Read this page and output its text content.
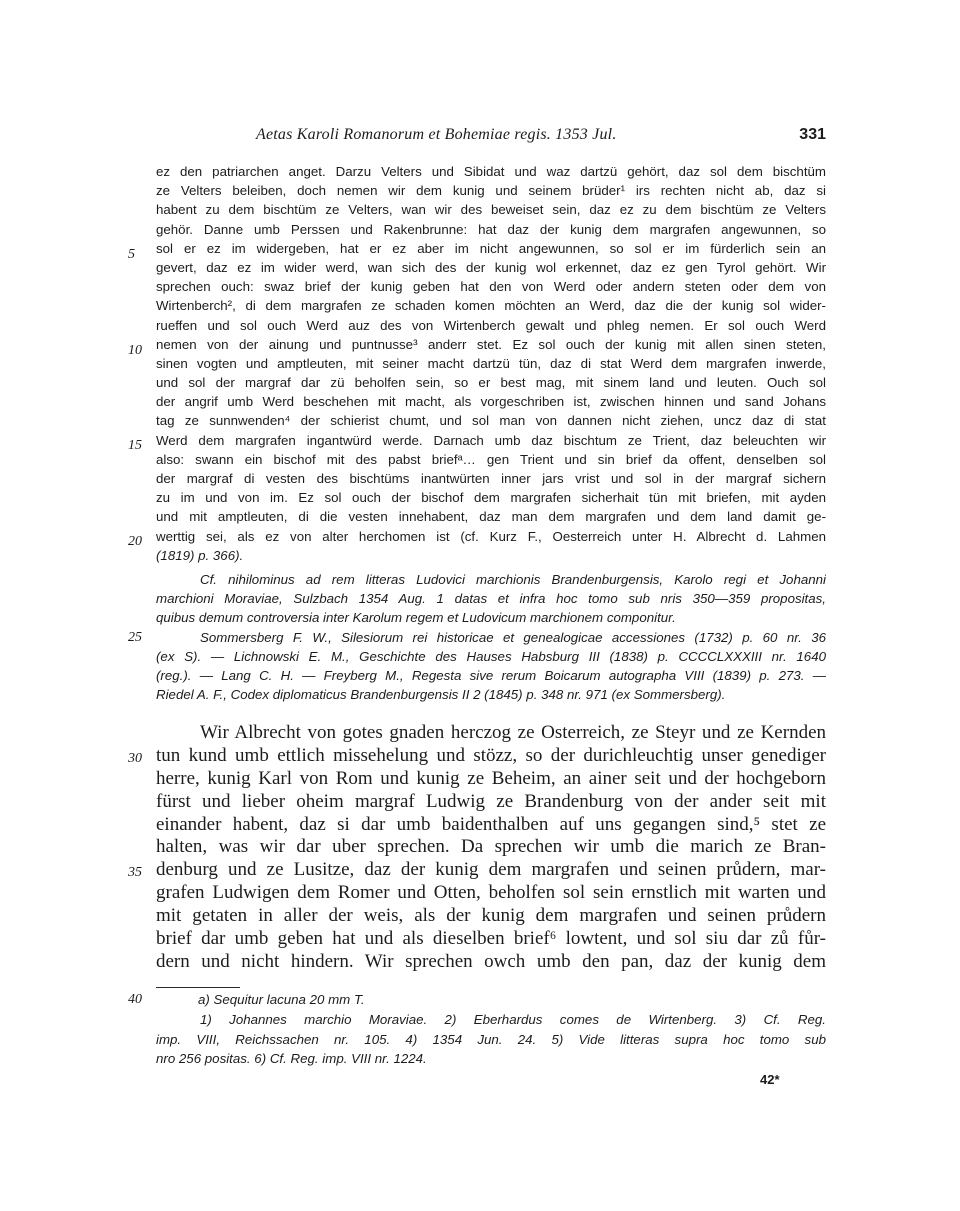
Aetas Karoli Romanorum et Bohemiae regis. 1353 Jul.	331
ez den patriarchen anget. Darzu Velters und Sibidat und waz dartzü gehört, daz sol dem bischtüm
ze Velters beleiben, doch nemen wir dem kunig und seinem brüder¹ irs rechten nicht ab, daz si
habent zu dem bischtüm ze Velters, wan wir des beweiset sein, daz ez zu dem bischtüm ze Velters
gehör. Danne umb Perssen und Rakenbrunne: hat daz der kunig dem margrafen angewunnen, so
sol er ez im widergeben, hat er ez aber im nicht angewunnen, so sol er im fürderlich sein an
gevert, daz ez im wider werd, wan sich des der kunig wol erkennet, daz ez gen Tyrol gehört. Wir
sprechen ouch: swaz brief der kunig geben hat den von Werd oder andern steten oder dem von
Wirtenberch², di dem margrafen ze schaden komen möchten an Werd, daz die der kunig sol wider-
rueffen und sol ouch Werd auz des von Wirtenberch gewalt und phleg nemen. Er sol ouch Werd
nemen von der ainung und puntnusse³ anderr stet. Ez sol ouch der kunig mit allen sinen steten,
sinen vogten und amptleuten, mit seiner macht dartzü tün, daz di stat Werd dem margrafen inwerde,
und sol der margraf dar zü beholfen sein, so er best mag, mit sinem land und leuten. Ouch sol
der angrif umb Werd beschehen mit macht, als vorgeschriben ist, zwischen hinnen und sand Johans
tag ze sunnwenden⁴ der schierist chumt, und sol man von dannen nicht ziehen, uncz daz di stat
Werd dem margrafen ingantwürd werde. Darnach umb daz bischtum ze Trient, daz beleuchten wir
also: swann ein bischof mit des pabst briefᵃ… gen Trient und sin brief da offent, denselben sol
der margraf di vesten des bischtüms inantwürten inner jars vrist und sol in der margraf sichern
zu im und von im. Ez sol ouch der bischof dem margrafen sicherhait tün mit briefen, mit ayden
und mit amptleuten, di die vesten innehabent, daz man dem margrafen und dem land damit ge-
werttig sei, als ez von alter herchomen ist (cf. Kurz F., Oesterreich unter H. Albrecht d. Lahmen
(1819) p. 366).
Cf. nihilominus ad rem litteras Ludovici marchionis Brandenburgensis, Karolo regi et Johanni
marchioni Moraviae, Sulzbach 1354 Aug. 1 datas et infra hoc tomo sub nris 350—359 propositas,
quibus demum controversia inter Karolum regem et Ludovicum marchionem componitur.
Sommersberg F. W., Silesiorum rei historicae et genealogicae accessiones (1732) p. 60 nr. 36
(ex S). — Lichnowski E. M., Geschichte des Hauses Habsburg III (1838) p. CCCCLXXXIII nr. 1640
(reg.). — Lang C. H. — Freyberg M., Regesta sive rerum Boicarum autographa VIII (1839) p. 273. —
Riedel A. F., Codex diplomaticus Brandenburgensis II 2 (1845) p. 348 nr. 971 (ex Sommersberg).
Wir Albrecht von gotes gnaden herczog ze Osterreich, ze Steyr und ze Kernden
tun kund umb ettlich missehelung und stözz, so der durichleuchtig unser genediger
herre, kunig Karl von Rom und kunig ze Beheim, an ainer seit und der hochgeborn
fürst und lieber oheim margraf Ludwig ze Brandenburg von der ander seit mit
einander habent, daz si dar umb baidenthalben auf uns gegangen sind,⁵ stet ze
halten, was wir dar uber sprechen. Da sprechen wir umb die marich ze Bran-
denburg und ze Lusitze, daz der kunig dem margrafen und seinen průdern, mar-
grafen Ludwigen dem Romer und Otten, beholfen sol sein ernstlich mit warten und
mit getaten in aller der weis, als der kunig dem margrafen und seinen průdern
brief dar umb geben hat und als dieselben brief⁶ lowtent, und sol siu dar zů fůr-
dern und nicht hindern. Wir sprechen owch umb den pan, daz der kunig dem
a) Sequitur lacuna 20 mm T.
1) Johannes marchio Moraviae. 2) Eberhardus comes de Wirtenberg. 3) Cf. Reg.
imp. VIII, Reichssachen nr. 105. 4) 1354 Jun. 24. 5) Vide litteras supra hoc tomo sub
nro 256 positas. 6) Cf. Reg. imp. VIII nr. 1224.
42*
5
10
15
20
25
30
35
40
